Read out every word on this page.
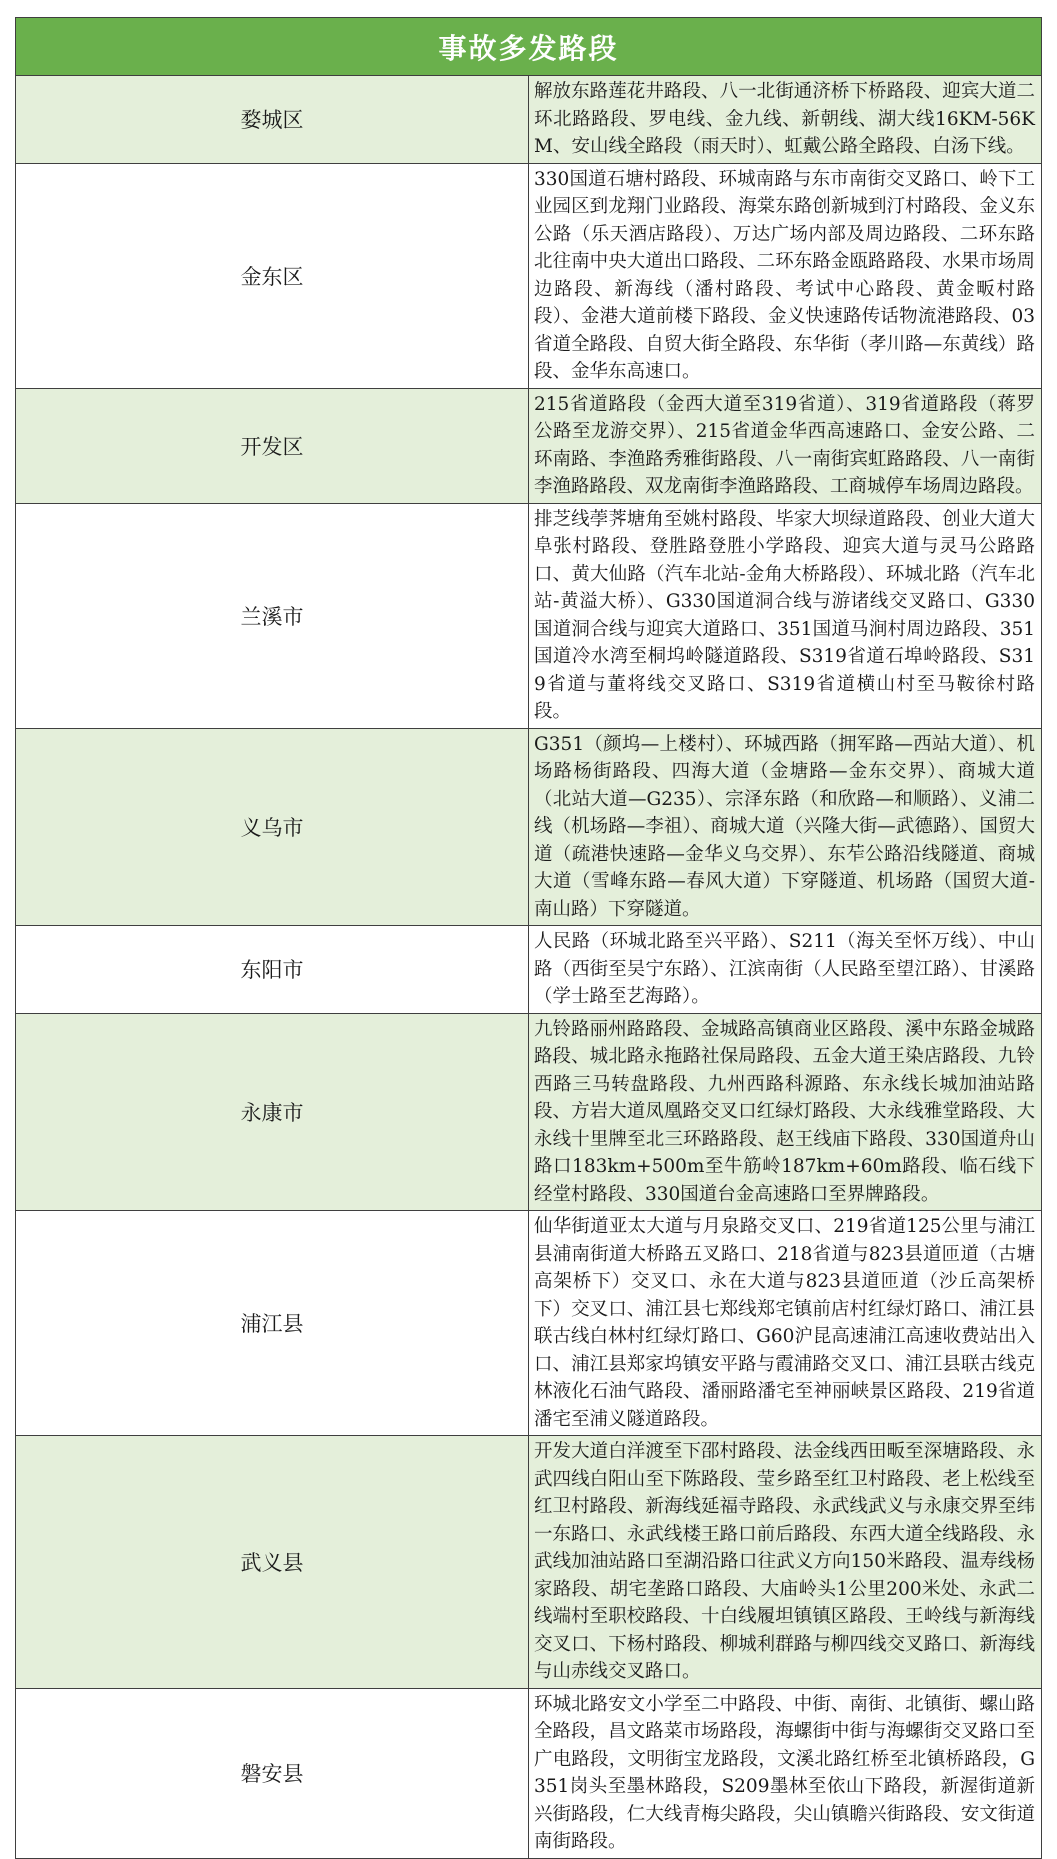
事故多发路段	
婺城区	解放东路莲花井路段、八一北街通济桥下桥路段、迎宾大道二环北路路段、罗电线、金九线、新朝线、湖大线16KM-56KM、安山线全路段（雨天时）、虹戴公路全路段、白汤下线。
金东区	330国道石塘村路段、环城南路与东市南街交叉路口、岭下工业园区到龙翔门业路段、海棠东路创新城到汀村路段、金义东公路（乐天酒店路段）、万达广场内部及周边路段、二环东路北往南中央大道出口路段、二环东路金瓯路路段、水果市场周边路段、新海线（潘村路段、考试中心路段、黄金畈村路段）、金港大道前楼下路段、金义快速路传话物流港路段、03省道全路段、自贸大街全路段、东华街（孝川路—东黄线）路段、金华东高速口。
开发区	215省道路段（金西大道至319省道）、319省道路段（蒋罗公路至龙游交界）、215省道金华西高速路口、金安公路、二环南路、李渔路秀雅街路段、八一南街宾虹路路段、八一南街李渔路路段、双龙南街李渔路路段、工商城停车场周边路段。
兰溪市	排芝线荸荠塘角至姚村路段、毕家大坝绿道路段、创业大道大阜张村路段、登胜路登胜小学路段、迎宾大道与灵马公路路口、黄大仙路（汽车北站-金角大桥路段）、环城北路（汽车北站-黄溢大桥）、G330国道洞合线与游诸线交叉路口、G330国道洞合线与迎宾大道路口、351国道马涧村周边路段、351国道冷水湾至桐坞岭隧道路段、S319省道石埠岭路段、S319省道与董将线交叉路口、S319省道横山村至马鞍徐村路段。
义乌市	G351（颜坞—上楼村）、环城西路（拥军路—西站大道）、机场路杨街路段、四海大道（金塘路—金东交界）、商城大道（北站大道—G235）、宗泽东路（和欣路—和顺路）、义浦二线（机场路—李祖）、商城大道（兴隆大街—武德路）、国贸大道（疏港快速路—金华义乌交界）、东苲公路沿线隧道、商城大道（雪峰东路—春风大道）下穿隧道、机场路（国贸大道-南山路）下穿隧道。
东阳市	人民路（环城北路至兴平路）、S211（海关至怀万线）、中山路（西街至吴宁东路）、江滨南街（人民路至望江路）、甘溪路（学士路至艺海路）。
永康市	九铃路丽州路路段、金城路高镇商业区路段、溪中东路金城路路段、城北路永拖路社保局路段、五金大道王染店路段、九铃西路三马转盘路段、九州西路科源路、东永线长城加油站路段、方岩大道凤凰路交叉口红绿灯路段、大永线雅堂路段、大永线十里牌至北三环路路段、赵王线庙下路段、330国道舟山路口183km+500m至牛筋岭187km+60m路段、临石线下经堂村路段、330国道台金高速路口至界牌路段。
浦江县	仙华街道亚太大道与月泉路交叉口、219省道125公里与浦江县浦南街道大桥路五叉路口、218省道与823县道匝道（古塘高架桥下）交叉口、永在大道与823县道匝道（沙丘高架桥下）交叉口、浦江县七郑线郑宅镇前店村红绿灯路口、浦江县联古线白林村红绿灯路口、G60沪昆高速浦江高速收费站出入口、浦江县郑家坞镇安平路与霞浦路交叉口、浦江县联古线克林液化石油气路段、潘丽路潘宅至神丽峡景区路段、219省道潘宅至浦义隧道路段。
武义县	开发大道白洋渡至下邵村路段、法金线西田畈至深塘路段、永武四线白阳山至下陈路段、莹乡路至红卫村路段、老上松线至红卫村路段、新海线延福寺路段、永武线武义与永康交界至纬一东路口、永武线楼王路口前后路段、东西大道全线路段、永武线加油站路口至湖沿路口往武义方向150米路段、温寿线杨家路段、胡宅垄路口路段、大庙岭头1公里200米处、永武二线端村至职校路段、十白线履坦镇镇区路段、王岭线与新海线交叉口、下杨村路段、柳城利群路与柳四线交叉路口、新海线与山赤线交叉路口。
磐安县	环城北路安文小学至二中路段、中街、南街、北镇街、螺山路全路段，昌文路菜市场路段，海螺街中街与海螺街交叉路口至广电路段，文明街宝龙路段，文溪北路红桥至北镇桥路段，G351岗头至墨林路段，S209墨林至依山下路段，新渥街道新兴街路段，仁大线青梅尖路段，尖山镇瞻兴街路段、安文街道南街路段。
